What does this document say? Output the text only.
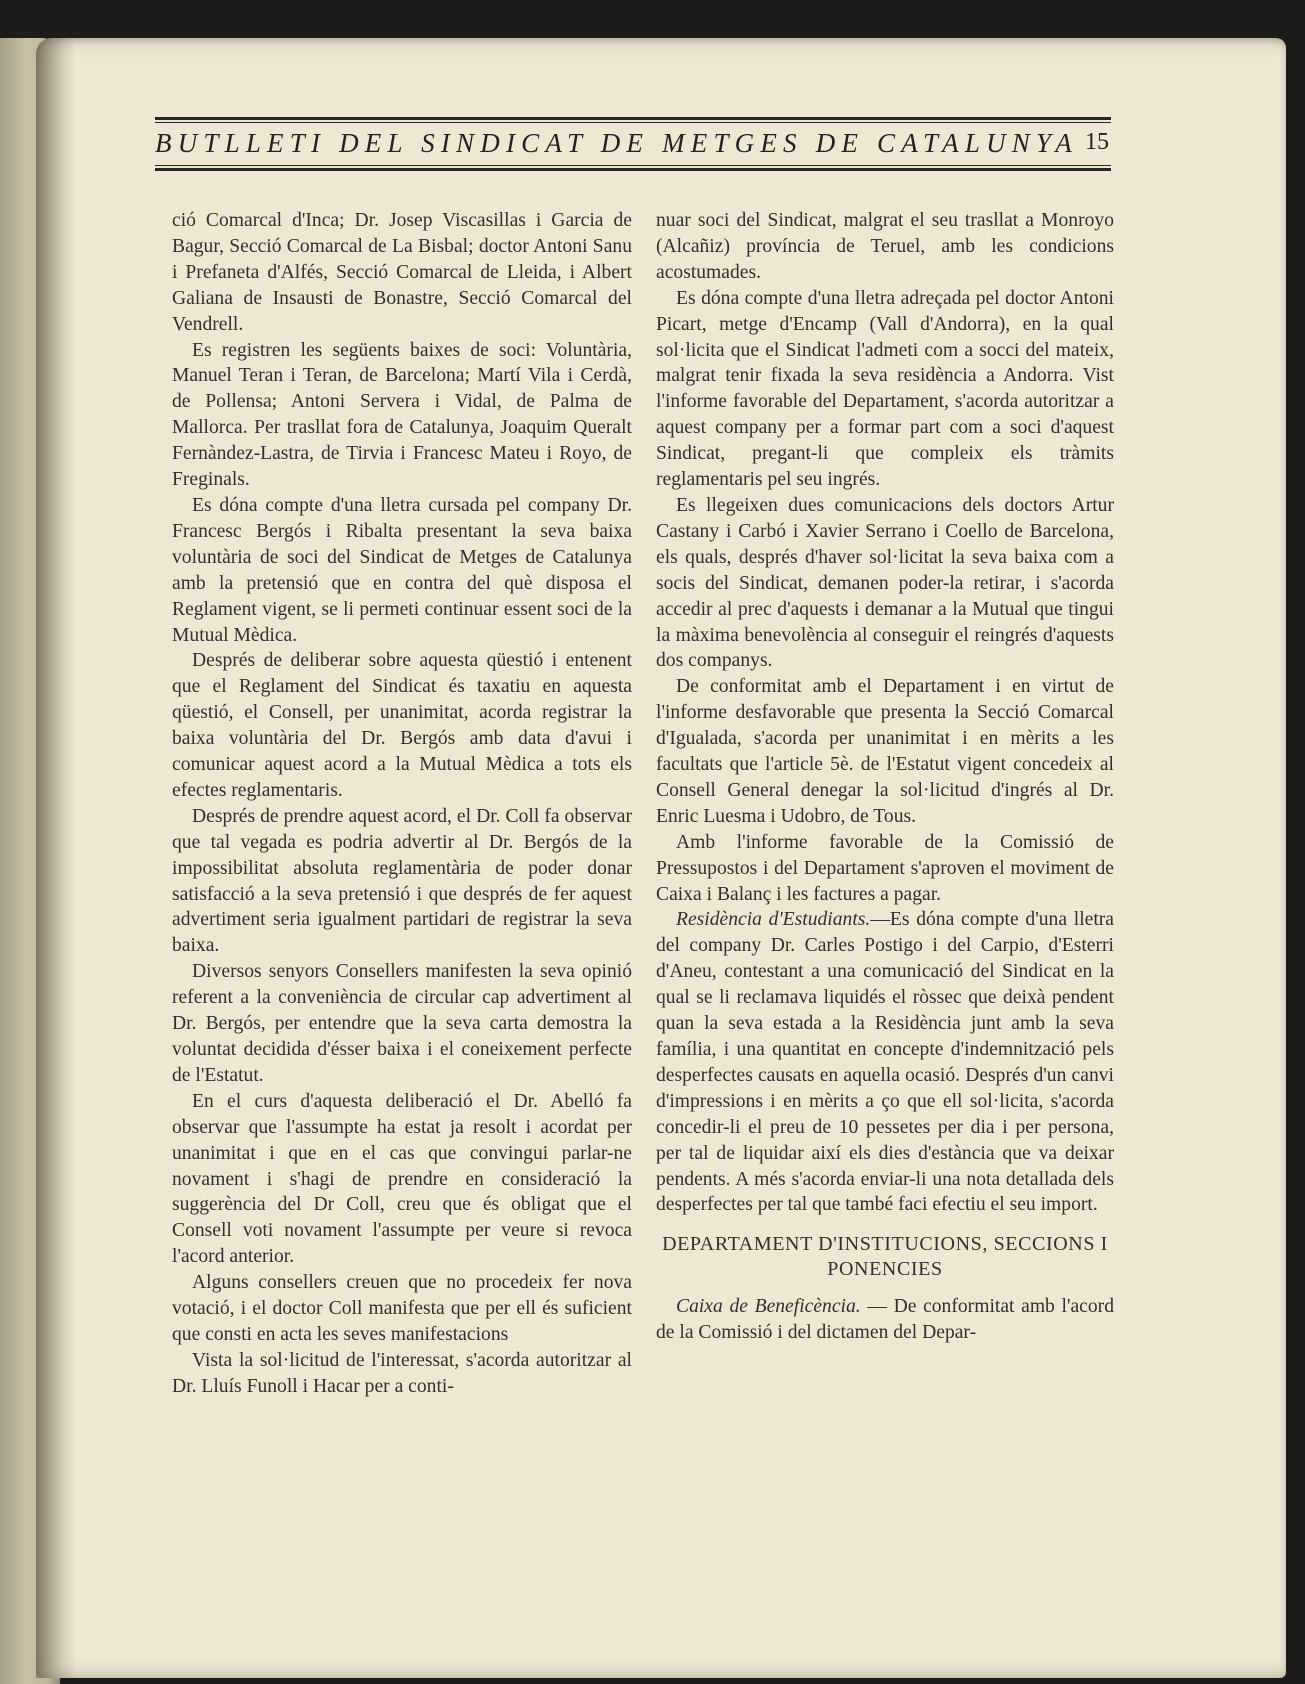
BUTLLETI DEL SINDICAT DE METGES DE CATALUNYA 15

ció Comarcal d'Inca; Dr. Josep Viscasillas i Garcia de Bagur, Secció Comarcal de La Bisbal; doctor Antoni Sanu i Prefaneta d'Alfés, Secció Comarcal de Lleida, i Albert Galiana de Insausti de Bonastre, Secció Comarcal del Vendrell.

Es registren les següents baixes de soci: Voluntària, Manuel Teran i Teran, de Barcelona; Martí Vila i Cerdà, de Pollensa; Antoni Servera i Vidal, de Palma de Mallorca. Per trasllat fora de Catalunya, Joaquim Queralt Fernàndez-Lastra, de Tirvia i Francesc Mateu i Royo, de Freginals.

Es dóna compte d'una lletra cursada pel company Dr. Francesc Bergós i Ribalta presentant la seva baixa voluntària de soci del Sindicat de Metges de Catalunya amb la pretensió que en contra del què disposa el Reglament vigent, se li permeti continuar essent soci de la Mutual Mèdica.

Després de deliberar sobre aquesta qüestió i entenent que el Reglament del Sindicat és taxatiu en aquesta qüestió, el Consell, per unanimitat, acorda registrar la baixa voluntària del Dr. Bergós amb data d'avui i comunicar aquest acord a la Mutual Mèdica a tots els efectes reglamentaris.

Després de prendre aquest acord, el Dr. Coll fa observar que tal vegada es podria advertir al Dr. Bergós de la impossibilitat absoluta reglamentària de poder donar satisfacció a la seva pretensió i que després de fer aquest advertiment seria igualment partidari de registrar la seva baixa.

Diversos senyors Consellers manifesten la seva opinió referent a la conveniència de circular cap advertiment al Dr. Bergós, per entendre que la seva carta demostra la voluntat decidida d'ésser baixa i el coneixement perfecte de l'Estatut.

En el curs d'aquesta deliberació el Dr. Abelló fa observar que l'assumpte ha estat ja resolt i acordat per unanimitat i que en el cas que convingui parlar-ne novament i s'hagi de prendre en consideració la suggerència del Dr Coll, creu que és obligat que el Consell voti novament l'assumpte per veure si revoca l'acord anterior.

Alguns consellers creuen que no procedeix fer nova votació, i el doctor Coll manifesta que per ell és suficient que consti en acta les seves manifestacions

Vista la sol·licitud de l'interessat, s'acorda autoritzar al Dr. Lluís Funoll i Hacar per a conti-

nuar soci del Sindicat, malgrat el seu trasllat a Monroyo (Alcañiz) província de Teruel, amb les condicions acostumades.

Es dóna compte d'una lletra adreçada pel doctor Antoni Picart, metge d'Encamp (Vall d'Andorra), en la qual sol·licita que el Sindicat l'admeti com a socci del mateix, malgrat tenir fixada la seva residència a Andorra. Vist l'informe favorable del Departament, s'acorda autoritzar a aquest company per a formar part com a soci d'aquest Sindicat, pregant-li que compleix els tràmits reglamentaris pel seu ingrés.

Es llegeixen dues comunicacions dels doctors Artur Castany i Carbó i Xavier Serrano i Coello de Barcelona, els quals, després d'haver sol·licitat la seva baixa com a socis del Sindicat, demanen poder-la retirar, i s'acorda accedir al prec d'aquests i demanar a la Mutual que tingui la màxima benevolència al conseguir el reingrés d'aquests dos companys.

De conformitat amb el Departament i en virtut de l'informe desfavorable que presenta la Secció Comarcal d'Igualada, s'acorda per unanimitat i en mèrits a les facultats que l'article 5è. de l'Estatut vigent concedeix al Consell General denegar la sol·licitud d'ingrés al Dr. Enric Luesma i Udobro, de Tous.

Amb l'informe favorable de la Comissió de Pressupostos i del Departament s'aproven el moviment de Caixa i Balanç i les factures a pagar.

Residència d'Estudiants.—Es dóna compte d'una lletra del company Dr. Carles Postigo i del Carpio, d'Esterri d'Aneu, contestant a una comunicació del Sindicat en la qual se li reclamava liquidés el ròssec que deixà pendent quan la seva estada a la Residència junt amb la seva família, i una quantitat en concepte d'indemnització pels desperfectes causats en aquella ocasió. Després d'un canvi d'impressions i en mèrits a ço que ell sol·licita, s'acorda concedir-li el preu de 10 pessetes per dia i per persona, per tal de liquidar així els dies d'estància que va deixar pendents. A més s'acorda enviar-li una nota detallada dels desperfectes per tal que també faci efectiu el seu import.

DEPARTAMENT D'INSTITUCIONS, SECCIONS I PONENCIES

Caixa de Beneficència. — De conformitat amb l'acord de la Comissió i del dictamen del Depar-
